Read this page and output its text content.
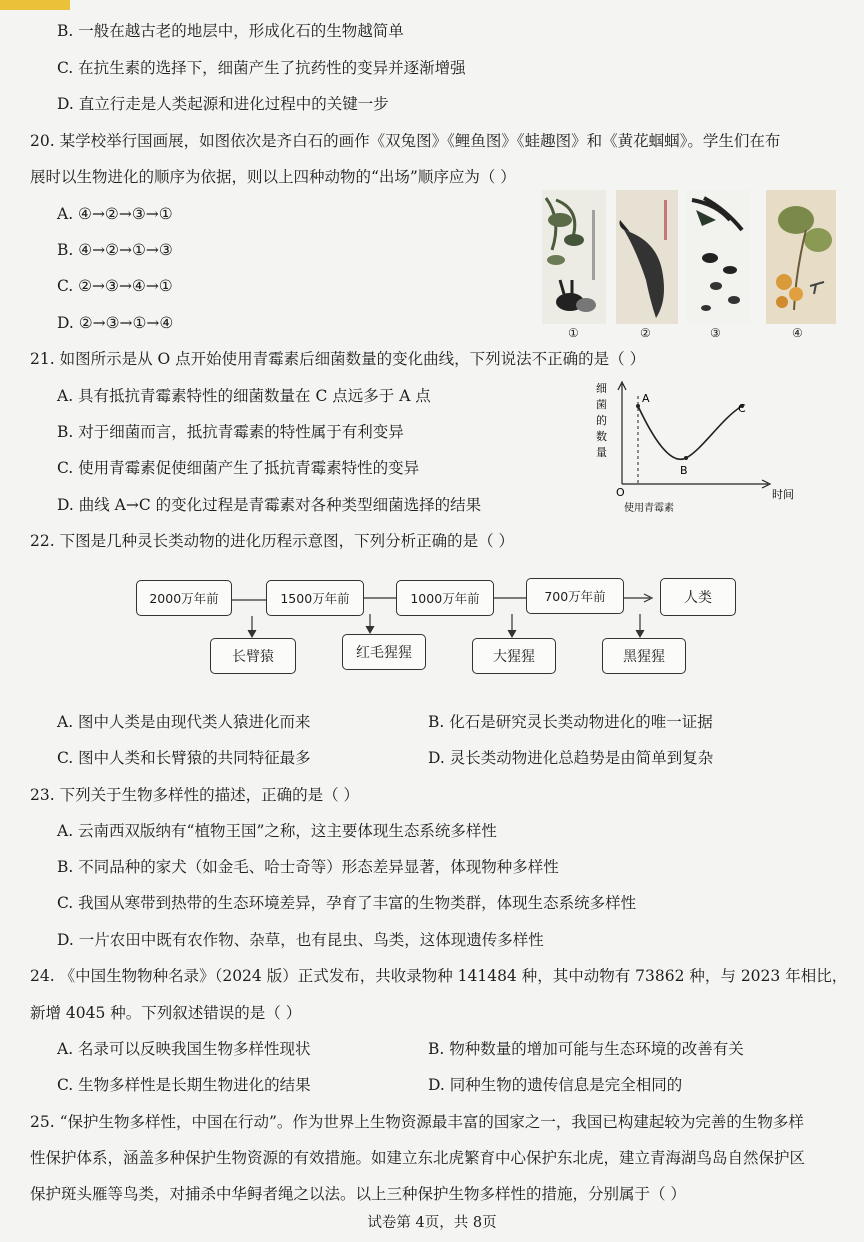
B. 一般在越古老的地层中，形成化石的生物越简单
C. 在抗生素的选择下，细菌产生了抗药性的变异并逐渐增强
D. 直立行走是人类起源和进化过程中的关键一步
20. 某学校举行国画展，如图依次是齐白石的画作《双兔图》《鲤鱼图》《蛙趣图》和《黄花蝈蝈》。学生们在布
展时以生物进化的顺序为依据，则以上四种动物的“出场”顺序应为（ ）
A. ④→②→③→①
B. ④→②→①→③
C. ②→③→④→①
D. ②→③→①→④
①	②	③	④
21. 如图所示是从 O 点开始使用青霉素后细菌数量的变化曲线，下列说法不正确的是（ ）
A. 具有抵抗青霉素特性的细菌数量在 C 点远多于 A 点
B. 对于细菌而言，抵抗青霉素的特性属于有利变异
C. 使用青霉素促使细菌产生了抵抗青霉素特性的变异
D. 曲线 A→C 的变化过程是青霉素对各种类型细菌选择的结果
细
菌
的
数
量
A
B
C
O
使用青霉素
时间
22. 下图是几种灵长类动物的进化历程示意图，下列分析正确的是（ ）
2000万年前	1500万年前	1000万年前	700万年前	人类
长臂猿	红毛猩猩	大猩猩	黑猩猩
A. 图中人类是由现代类人猿进化而来	B. 化石是研究灵长类动物进化的唯一证据
C. 图中人类和长臂猿的共同特征最多	D. 灵长类动物进化总趋势是由简单到复杂
23. 下列关于生物多样性的描述，正确的是（ ）
A. 云南西双版纳有“植物王国”之称，这主要体现生态系统多样性
B. 不同品种的家犬（如金毛、哈士奇等）形态差异显著，体现物种多样性
C. 我国从寒带到热带的生态环境差异，孕育了丰富的生物类群，体现生态系统多样性
D. 一片农田中既有农作物、杂草，也有昆虫、鸟类，这体现遗传多样性
24. 《中国生物物种名录》（2024 版）正式发布，共收录物种 141484 种，其中动物有 73862 种，与 2023 年相比，
新增 4045 种。下列叙述错误的是（ ）
A. 名录可以反映我国生物多样性现状	B. 物种数量的增加可能与生态环境的改善有关
C. 生物多样性是长期生物进化的结果	D. 同种生物的遗传信息是完全相同的
25. “保护生物多样性，中国在行动”。作为世界上生物资源最丰富的国家之一，我国已构建起较为完善的生物多样
性保护体系，涵盖多种保护生物资源的有效措施。如建立东北虎繁育中心保护东北虎，建立青海湖鸟岛自然保护区
保护斑头雁等鸟类，对捕杀中华鲟者绳之以法。以上三种保护生物多样性的措施，分别属于（ ）
试卷第 4页，共 8页
